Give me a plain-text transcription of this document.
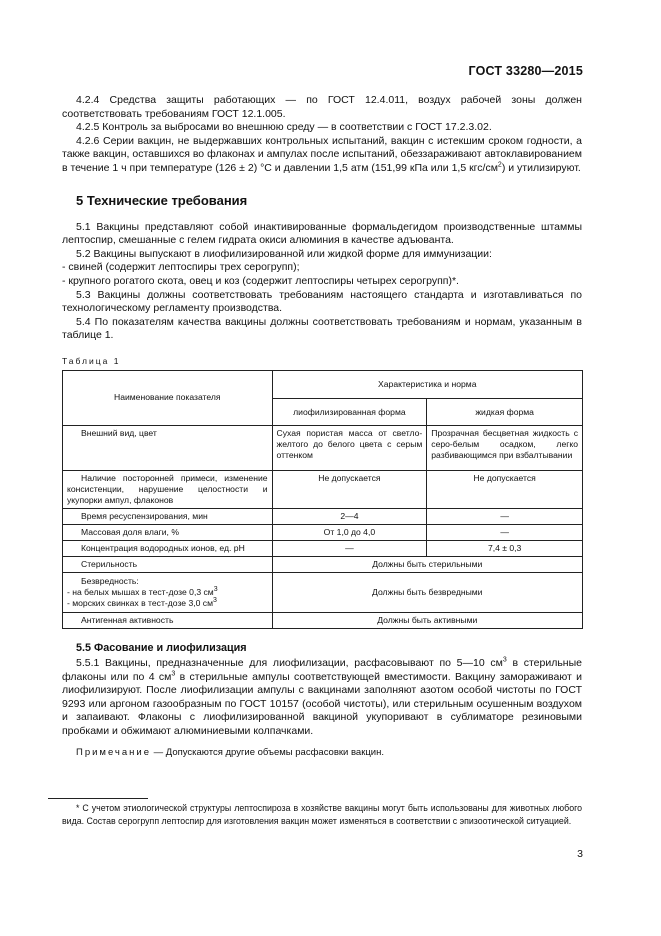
ГОСТ 33280—2015

4.2.4 Средства защиты работающих — по ГОСТ 12.4.011, воздух рабочей зоны должен соответствовать требованиям ГОСТ 12.1.005.

4.2.5 Контроль за выбросами во внешнюю среду — в соответствии с ГОСТ 17.2.3.02.

4.2.6 Серии вакцин, не выдержавших контрольных испытаний, вакцин с истекшим сроком годности, а также вакцин, оставшихся во флаконах и ампулах после испытаний, обеззараживают автоклавированием в течение 1 ч при температуре (126 ± 2) °С и давлении 1,5 атм (151,99 кПа или 1,5 кгс/$см^2$) и утилизируют.

5 Технические требования

5.1 Вакцины представляют собой инактивированные формальдегидом производственные штаммы лептоспир, смешанные с гелем гидрата окиси алюминия в качестве адъюванта.

5.2 Вакцины выпускают в лиофилизированной или жидкой форме для иммунизации:

- свиней (содержит лептоспиры трех серогрупп);

- крупного рогатого скота, овец и коз (содержит лептоспиры четырех серогрупп)*.

5.3 Вакцины должны соответствовать требованиям настоящего стандарта и изготавливаться по технологическому регламенту производства.

5.4 По показателям качества вакцины должны соответствовать требованиям и нормам, указанным в таблице 1.

Таблица 1
Наименование показателя	Характеристика и норма	
	лиофилизированная форма	жидкая форма
Внешний вид, цвет	Сухая пористая масса от светло-желтого до белого цвета с серым оттенком	Прозрачная бесцветная жидкость с серо-белым осадком, легко разбивающимся при взбалтывании
Наличие посторонней примеси, изменение консистенции, нарушение целостности и укупорки ампул, флаконов	Не допускается	Не допускается
Время ресуспензирования, мин	2—4	—
Массовая доля влаги, %	От 1,0 до 4,0	—
Концентрация водородных ионов, ед. рН	—	7,4 ± 0,3
Стерильность	Должны быть стерильными	

Безвредность:
- на белых мышах в тест-дозе 0,3 $см^3$
- морских свинках в тест-дозе 3,0 $см^3$	Должны быть безвредными	
Антигенная активность	Должны быть активными	
5.5 Фасование и лиофилизация

5.5.1 Вакцины, предназначенные для лиофилизации, расфасовывают по 5—10 $см^3$ в стерильные флаконы или по 4 $см^3$ в стерильные ампулы соответствующей вместимости. Вакцину замораживают и лиофилизируют. После лиофилизации ампулы с вакцинами заполняют азотом особой чистоты по ГОСТ 9293 или аргоном газообразным по ГОСТ 10157 (особой чистоты), или стерильным осушенным воздухом и запаивают. Флаконы с лиофилизированной вакциной укупоривают в сублиматоре резиновыми пробками и обжимают алюминиевыми колпачками.

Примечание — Допускаются другие объемы расфасовки вакцин.
* С учетом этиологической структуры лептоспироза в хозяйстве вакцины могут быть использованы для животных любого вида. Состав серогрупп лептоспир для изготовления вакцин может изменяться в соответствии с эпизоотической ситуацией.
3
